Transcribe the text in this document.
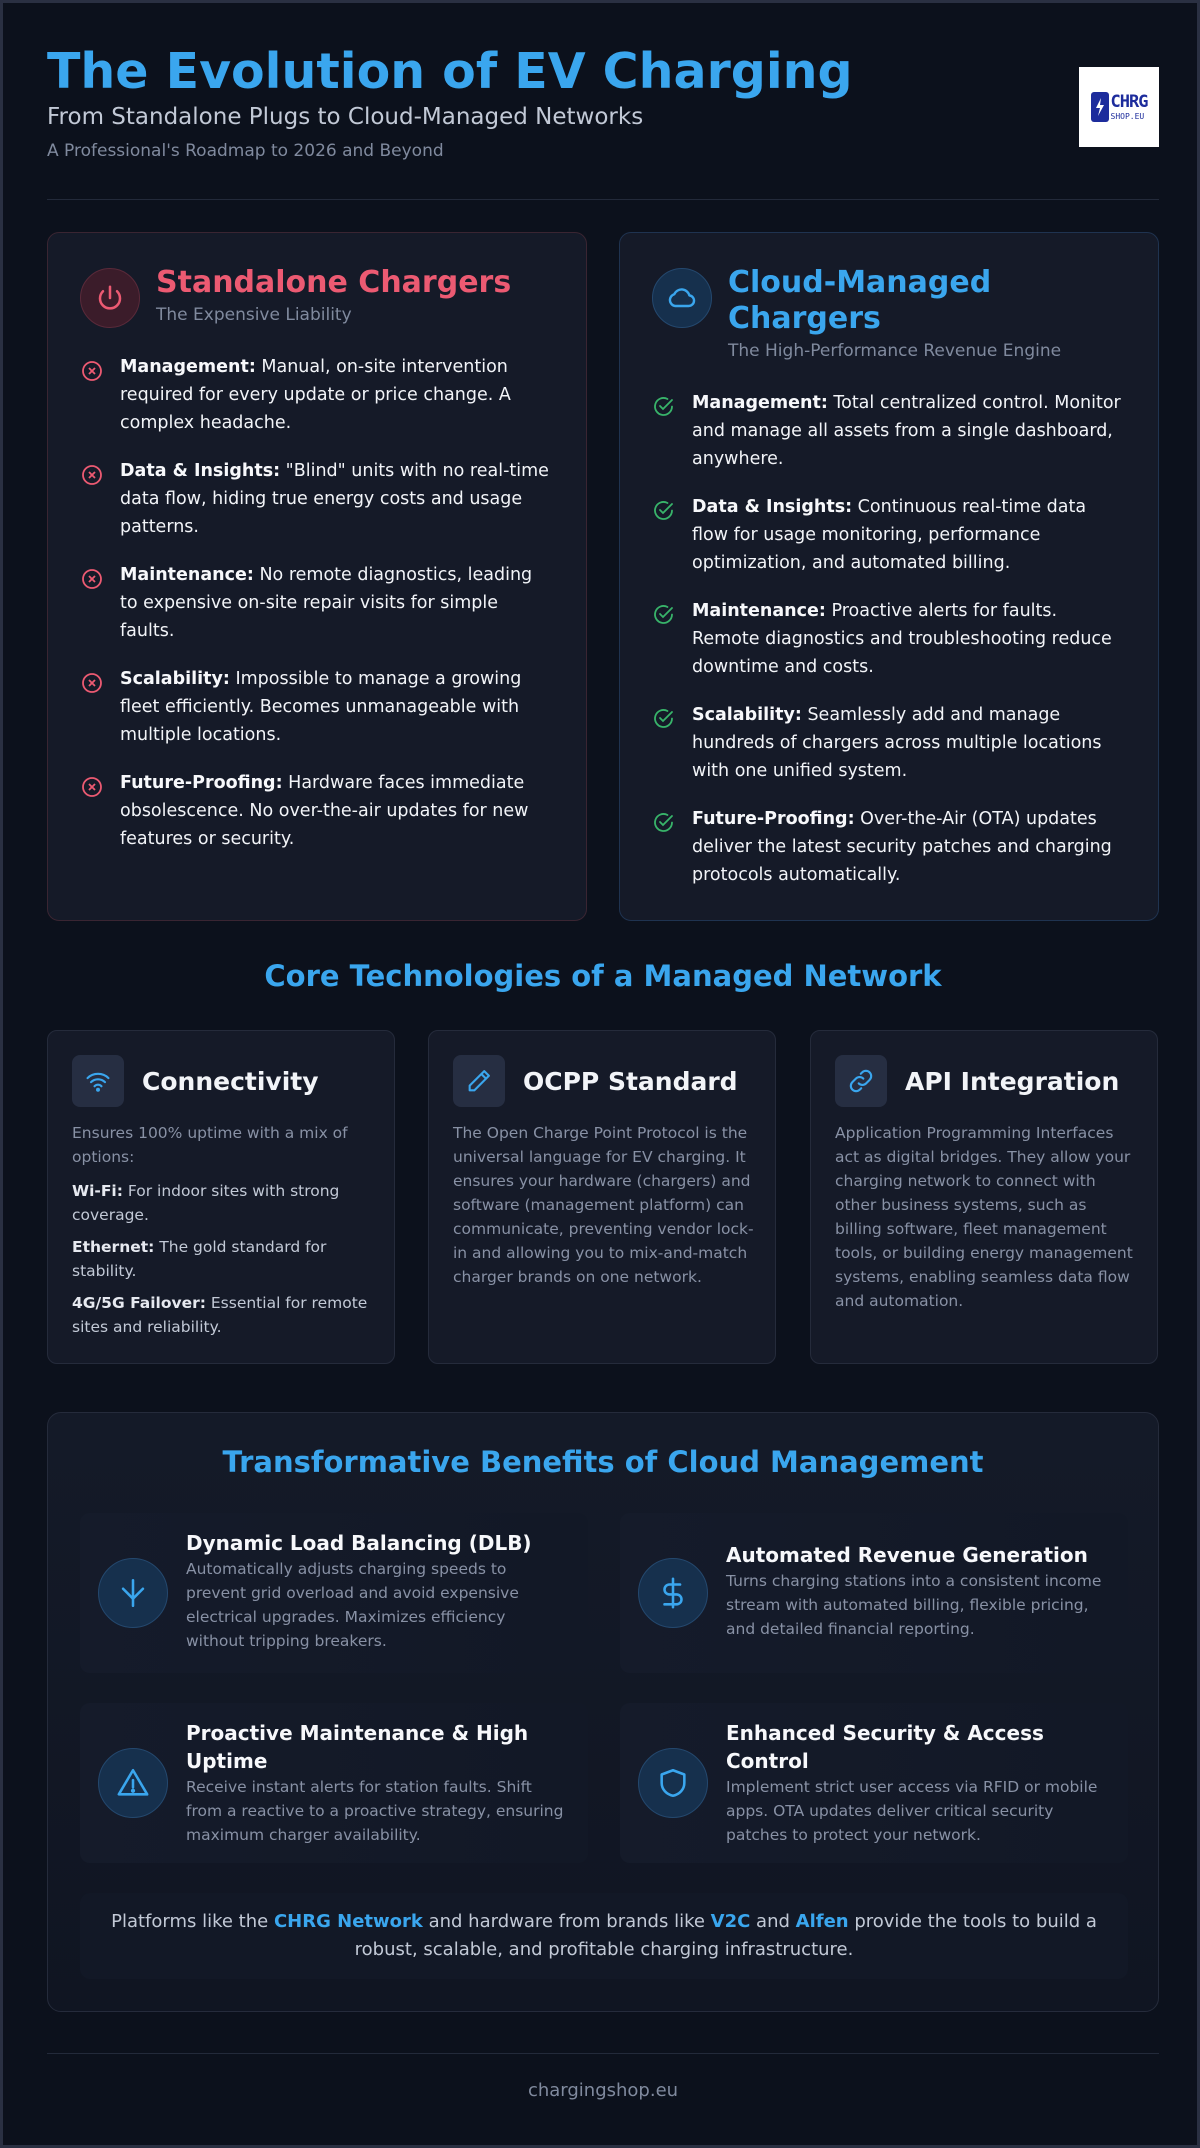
The Evolution of EV Charging
From Standalone Plugs to Cloud-Managed Networks
A Professional's Roadmap to 2026 and Beyond
CHRG
SHOP.EU
Standalone Chargers
The Expensive Liability
Management: Manual, on-site intervention required for every update or price change. A complex headache.
Data & Insights: "Blind" units with no real-time data flow, hiding true energy costs and usage patterns.
Maintenance: No remote diagnostics, leading to expensive on-site repair visits for simple faults.
Scalability: Impossible to manage a growing fleet efficiently. Becomes unmanageable with multiple locations.
Future-Proofing: Hardware faces immediate obsolescence. No over-the-air updates for new features or security.
Cloud-Managed Chargers
The High-Performance Revenue Engine
Management: Total centralized control. Monitor and manage all assets from a single dashboard, anywhere.
Data & Insights: Continuous real-time data flow for usage monitoring, performance optimization, and automated billing.
Maintenance: Proactive alerts for faults. Remote diagnostics and troubleshooting reduce downtime and costs.
Scalability: Seamlessly add and manage hundreds of chargers across multiple locations with one unified system.
Future-Proofing: Over-the-Air (OTA) updates deliver the latest security patches and charging protocols automatically.
Core Technologies of a Managed Network
Connectivity

Ensures 100% uptime with a mix of options:

Wi-Fi: For indoor sites with strong coverage.
Ethernet: The gold standard for stability.
4G/5G Failover: Essential for remote sites and reliability.
OCPP Standard

The Open Charge Point Protocol is the universal language for EV charging. It ensures your hardware (chargers) and software (management platform) can communicate, preventing vendor lock-in and allowing you to mix-and-match charger brands on one network.

API Integration

Application Programming Interfaces act as digital bridges. They allow your charging network to connect with other business systems, such as billing software, fleet management tools, or building energy management systems, enabling seamless data flow and automation.

Transformative Benefits of Cloud Management
Dynamic Load Balancing (DLB)
Automatically adjusts charging speeds to prevent grid overload and avoid expensive electrical upgrades. Maximizes efficiency without tripping breakers.
Automated Revenue Generation
Turns charging stations into a consistent income stream with automated billing, flexible pricing, and detailed financial reporting.
Proactive Maintenance & High Uptime
Receive instant alerts for station faults. Shift from a reactive to a proactive strategy, ensuring maximum charger availability.
Enhanced Security & Access Control
Implement strict user access via RFID or mobile apps. OTA updates deliver critical security patches to protect your network.
Platforms like the CHRG Network and hardware from brands like V2C and Alfen provide the tools to build a robust, scalable, and profitable charging infrastructure.
chargingshop.eu
